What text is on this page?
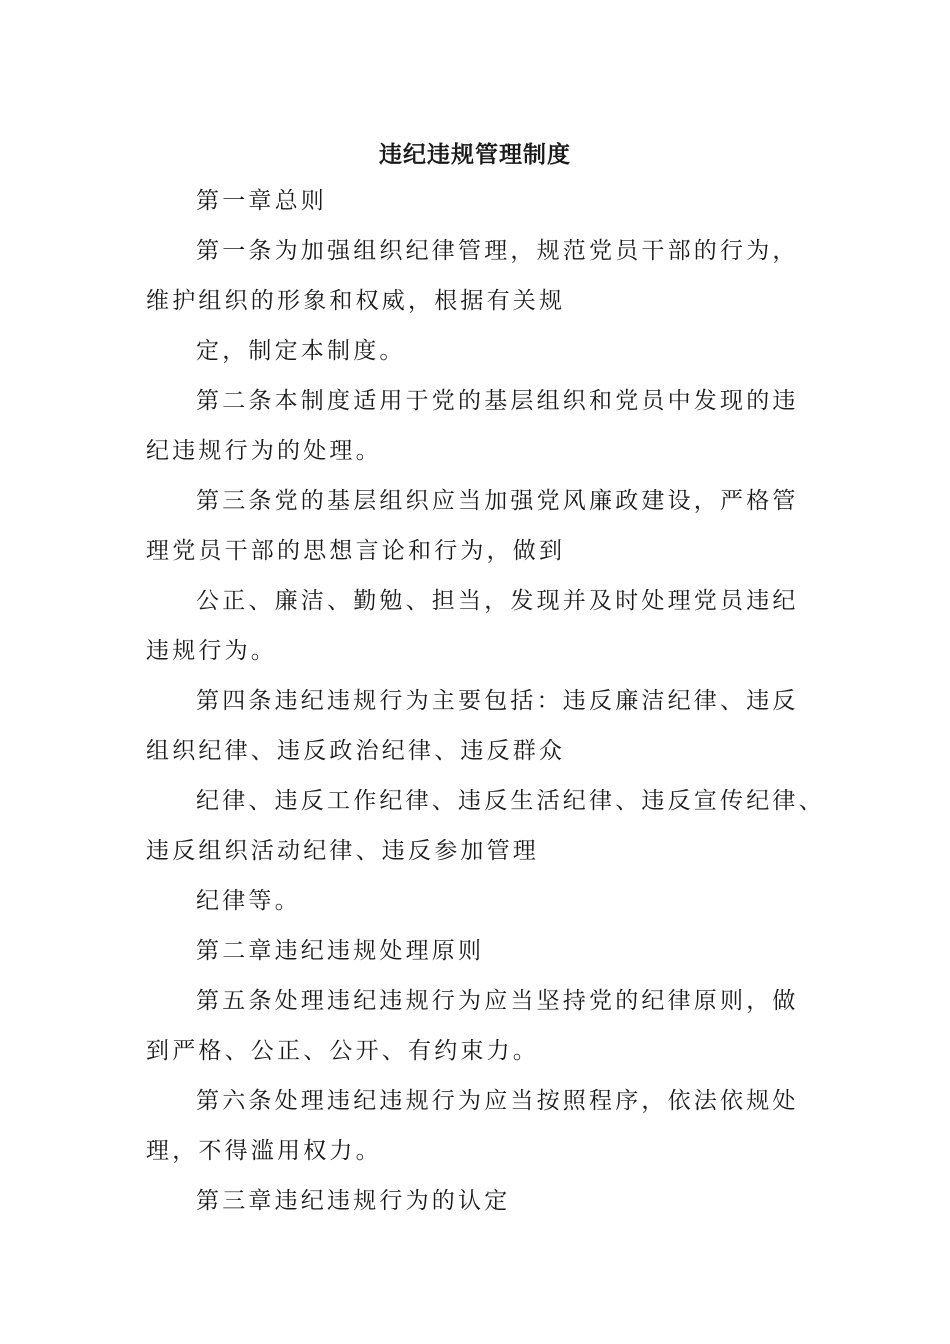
违纪违规管理制度
第一章总则
第一条为加强组织纪律管理，规范党员干部的行为，
维护组织的形象和权威，根据有关规
定，制定本制度。
第二条本制度适用于党的基层组织和党员中发现的违
纪违规行为的处理。
第三条党的基层组织应当加强党风廉政建设，严格管
理党员干部的思想言论和行为，做到
公正、廉洁、勤勉、担当，发现并及时处理党员违纪
违规行为。
第四条违纪违规行为主要包括：违反廉洁纪律、违反
组织纪律、违反政治纪律、违反群众
纪律、违反工作纪律、违反生活纪律、违反宣传纪律、
违反组织活动纪律、违反参加管理
纪律等。
第二章违纪违规处理原则
第五条处理违纪违规行为应当坚持党的纪律原则，做
到严格、公正、公开、有约束力。
第六条处理违纪违规行为应当按照程序，依法依规处
理，不得滥用权力。
第三章违纪违规行为的认定
